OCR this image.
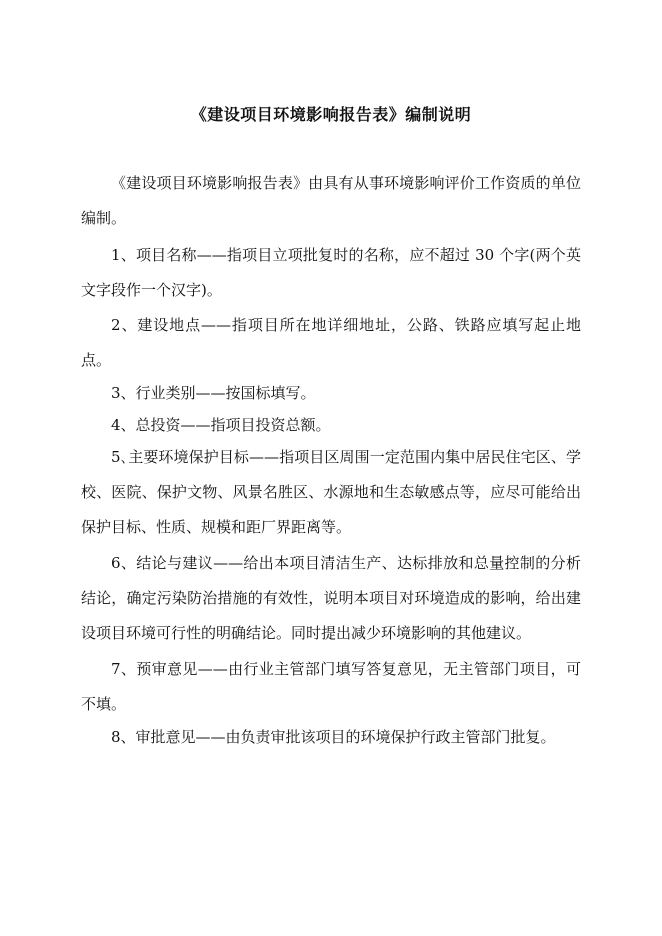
《建设项目环境影响报告表》编制说明

《建设项目环境影响报告表》由具有从事环境影响评价工作资质的单位编制。

1、项目名称——指项目立项批复时的名称，应不超过 30 个字(两个英文字段作一个汉字)。

2、建设地点——指项目所在地详细地址，公路、铁路应填写起止地点。

3、行业类别——按国标填写。

4、总投资——指项目投资总额。

5､主要环境保护目标——指项目区周围一定范围内集中居民住宅区、学校、医院、保护文物、风景名胜区、水源地和生态敏感点等，应尽可能给出保护目标、性质、规模和距厂界距离等。

6、结论与建议——给出本项目清洁生产、达标排放和总量控制的分析结论，确定污染防治措施的有效性，说明本项目对环境造成的影响，给出建设项目环境可行性的明确结论。同时提出减少环境影响的其他建议。

7、预审意见——由行业主管部门填写答复意见，无主管部门项目，可不填。

8、审批意见——由负责审批该项目的环境保护行政主管部门批复。
